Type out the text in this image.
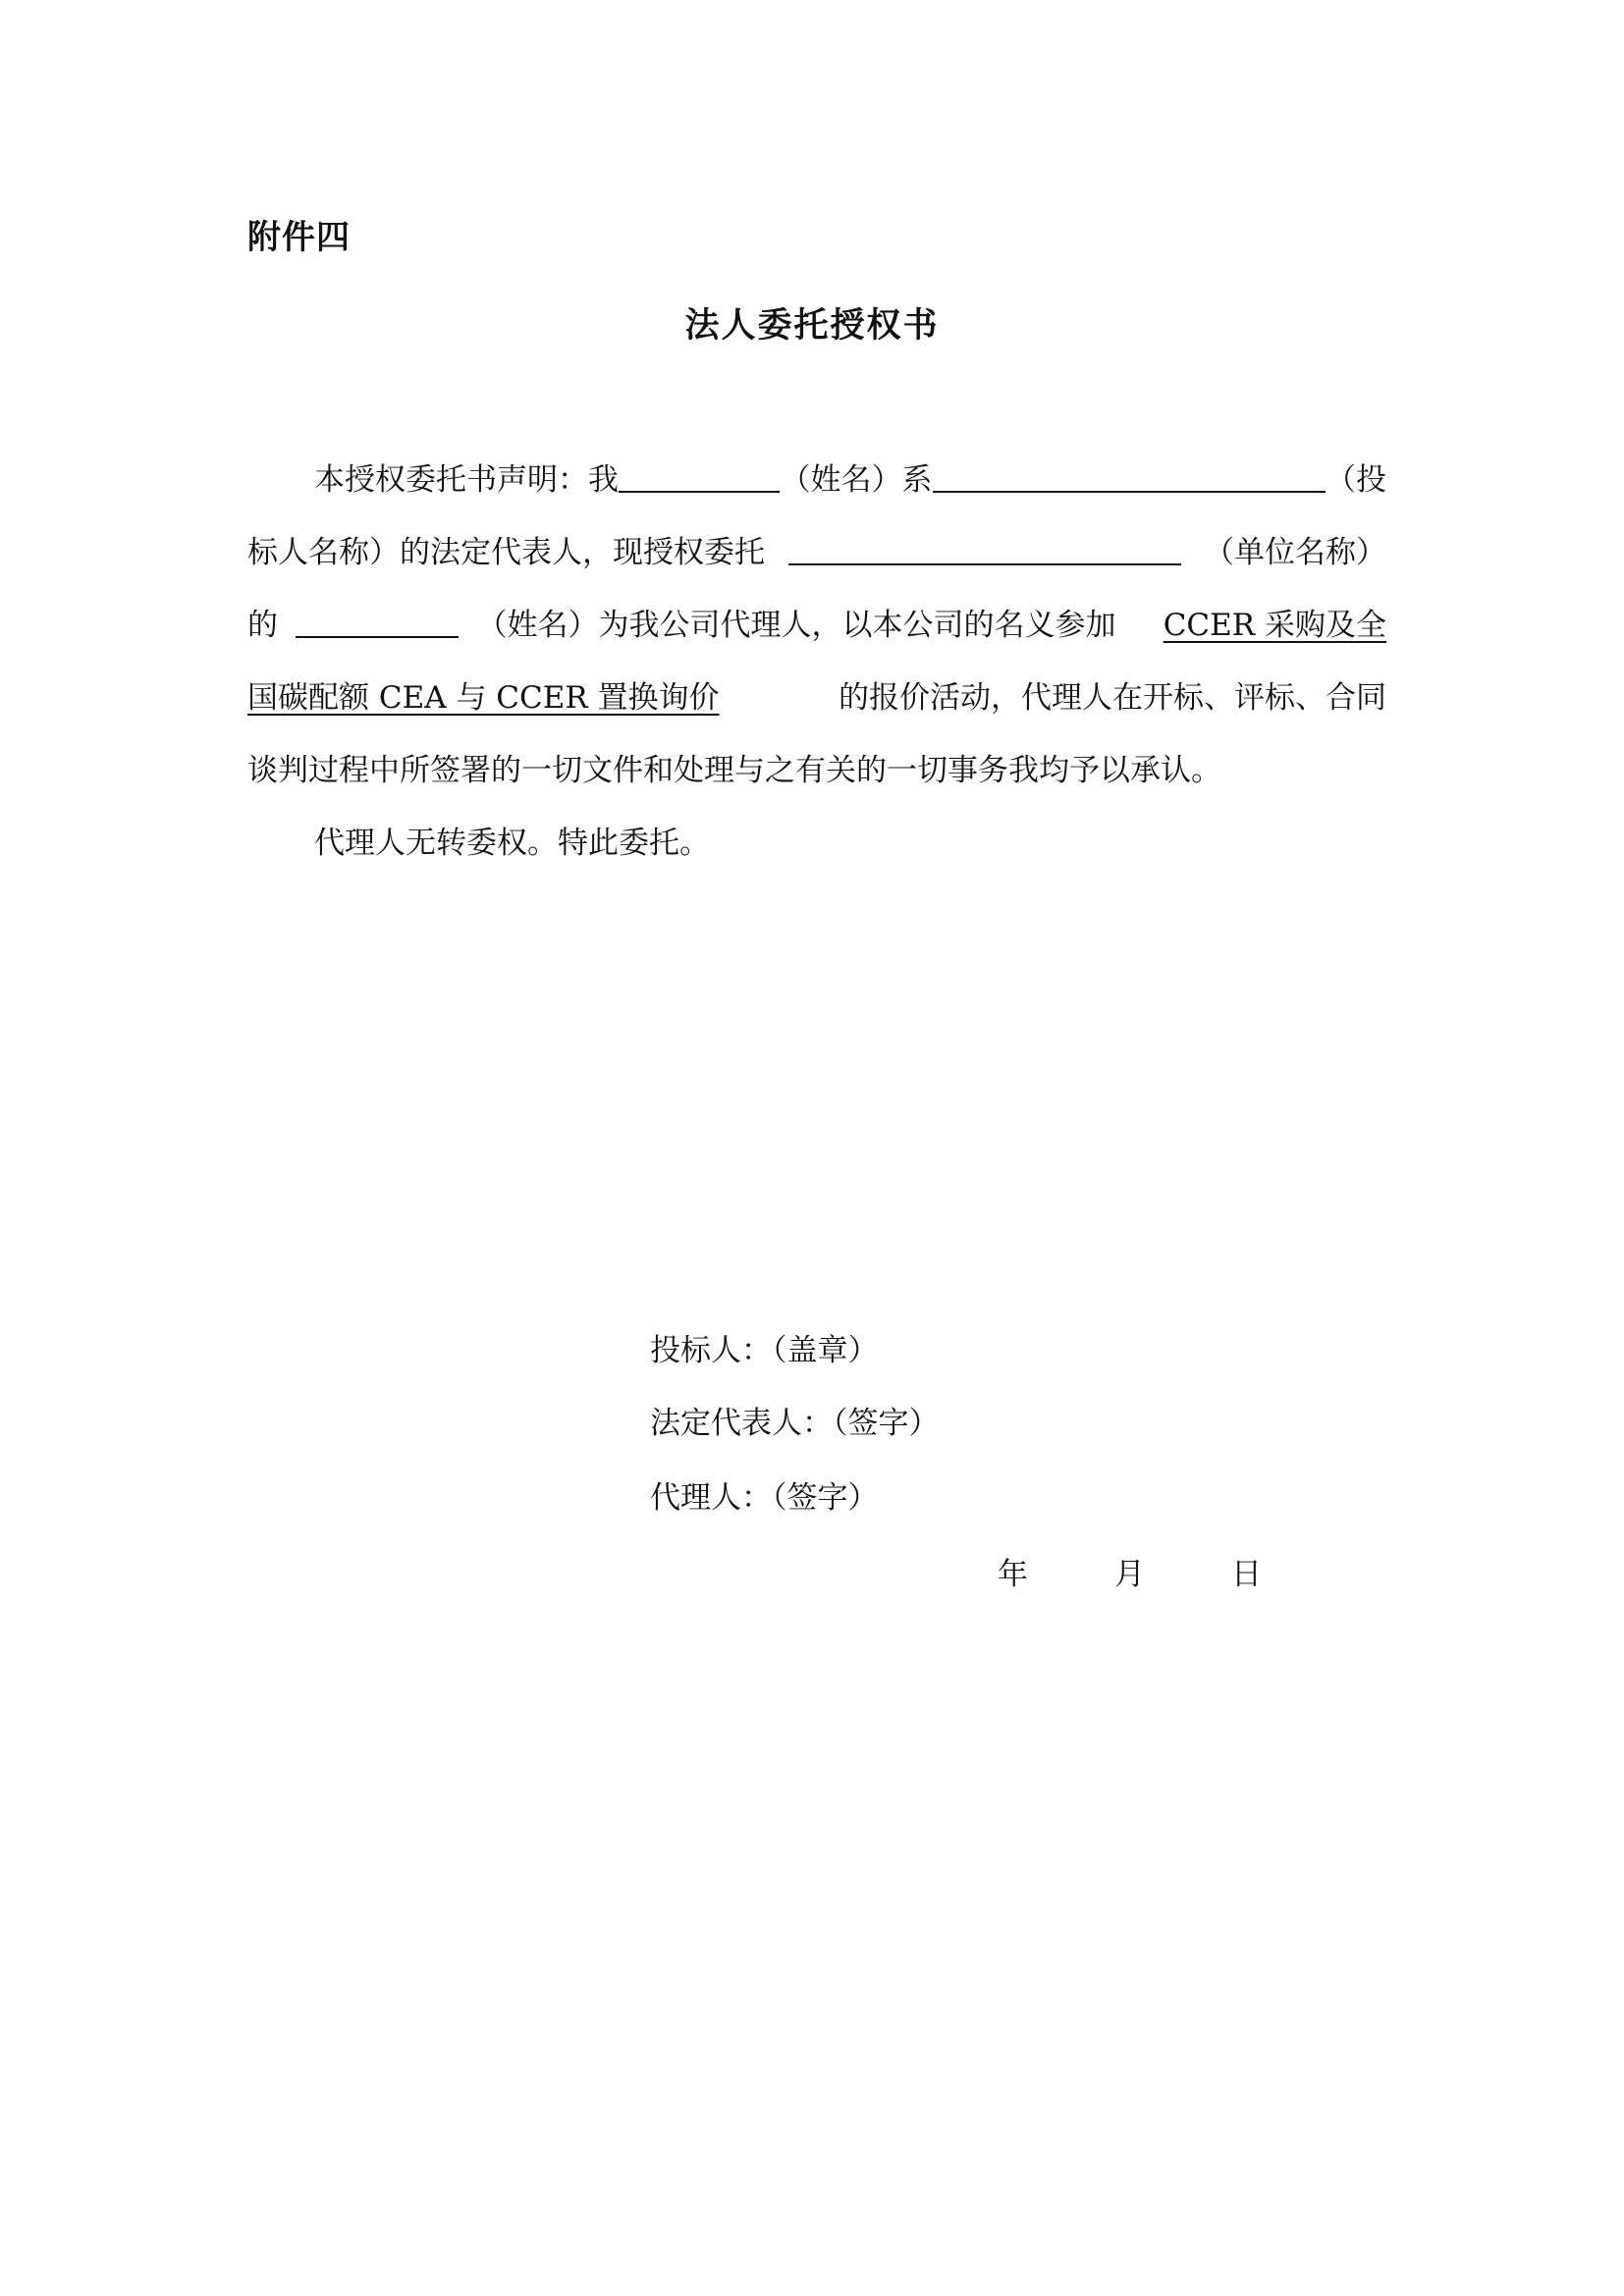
附件四
法人委托授权书
本授权委托书声明：我	（姓名）系	（投
标人名称）的法定代表人，现授权委托	（单位名称）
的	（姓名）为我公司代理人，以本公司的名义参加	CCER 采购及全
国碳配额 CEA 与 CCER 置换询价	的报价活动，代理人在开标、评标、合同
谈判过程中所签署的一切文件和处理与之有关的一切事务我均予以承认。
代理人无转委权。特此委托。
投标人：（盖章）
法定代表人：（签字）
代理人：（签字）
年	月	日
